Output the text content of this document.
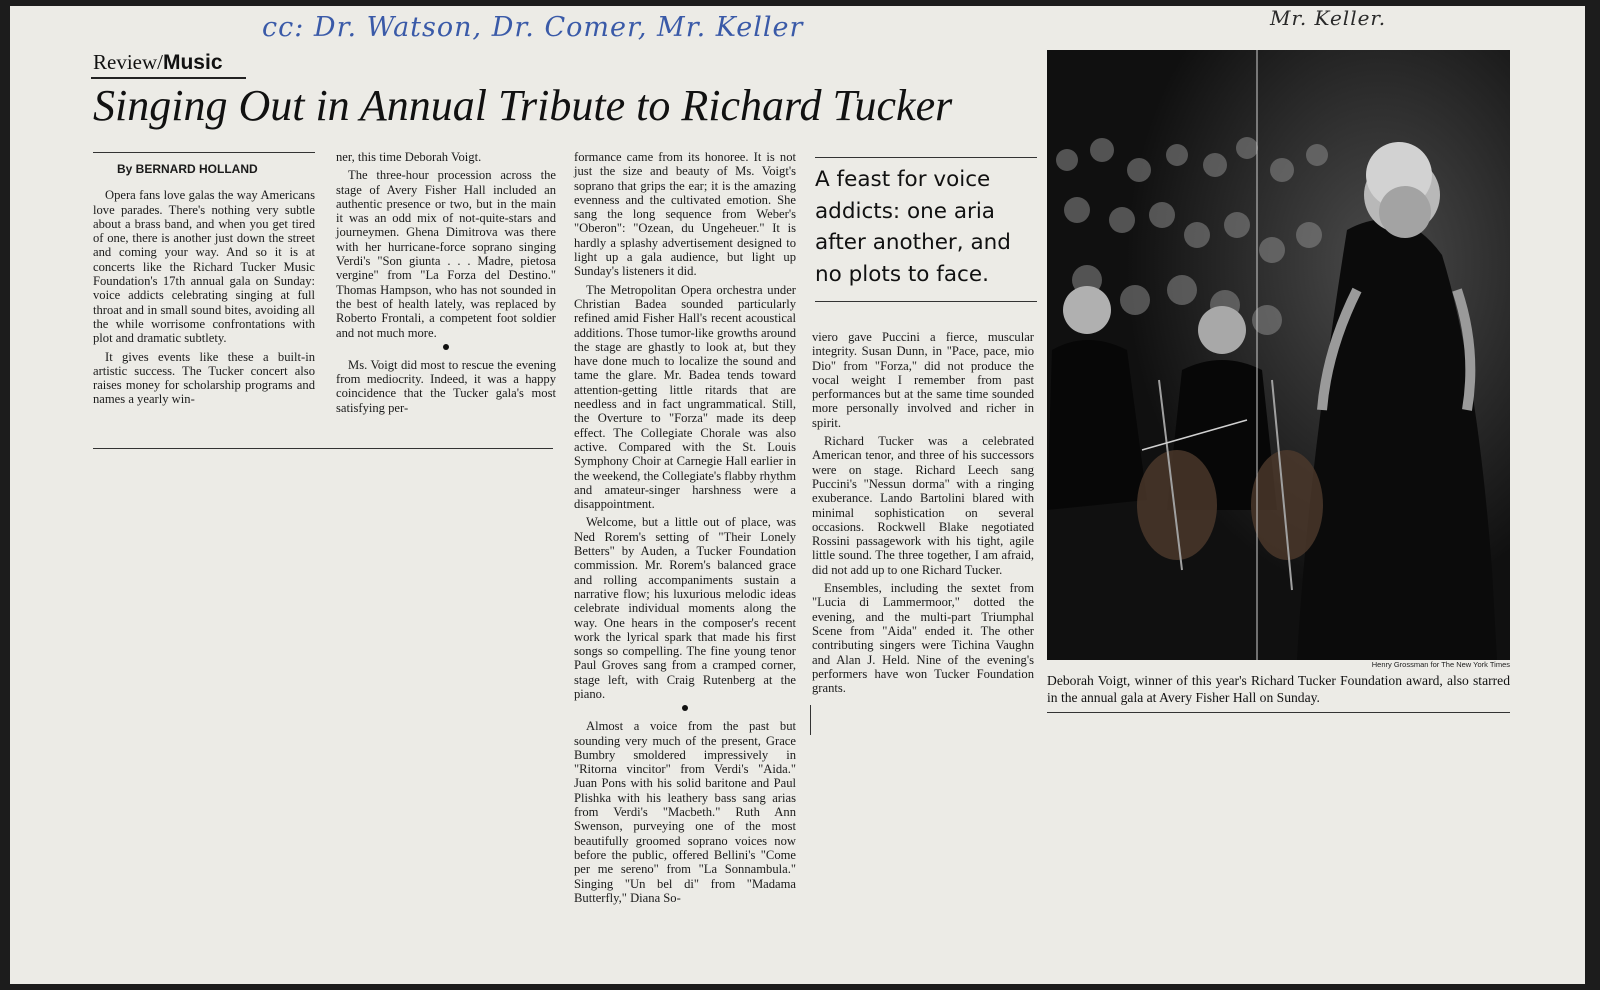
cc: Dr. Watson, Dr. Comer, Mr. Keller	Mr. Keller.
Review/Music
Singing Out in Annual Tribute to Richard Tucker

By BERNARD HOLLAND

Opera fans love galas the way Americans love parades. There's nothing very subtle about a brass band, and when you get tired of one, there is another just down the street and coming your way. And so it is at concerts like the Richard Tucker Music Foundation's 17th annual gala on Sunday: voice addicts celebrating singing at full throat and in small sound bites, avoiding all the while worrisome confrontations with plot and dramatic subtlety.

It gives events like these a built-in artistic success. The Tucker concert also raises money for scholarship programs and names a yearly win-

ner, this time Deborah Voigt.

The three-hour procession across the stage of Avery Fisher Hall included an authentic presence or two, but in the main it was an odd mix of not-quite-stars and journeymen. Ghena Dimitrova was there with her hurricane-force soprano singing Verdi's "Son giunta . . . Madre, pietosa vergine" from "La Forza del Destino." Thomas Hampson, who has not sounded in the best of health lately, was replaced by Roberto Frontali, a competent foot soldier and not much more.

Ms. Voigt did most to rescue the evening from mediocrity. Indeed, it was a happy coincidence that the Tucker gala's most satisfying per-

formance came from its honoree. It is not just the size and beauty of Ms. Voigt's soprano that grips the ear; it is the amazing evenness and the cultivated emotion. She sang the long sequence from Weber's "Oberon": "Ozean, du Ungeheuer." It is hardly a splashy advertisement designed to light up a gala audience, but light up Sunday's listeners it did.

The Metropolitan Opera orchestra under Christian Badea sounded particularly refined amid Fisher Hall's recent acoustical additions. Those tumor-like growths around the stage are ghastly to look at, but they have done much to localize the sound and tame the glare. Mr. Badea tends toward attention-getting little ritards that are needless and in fact ungrammatical. Still, the Overture to "Forza" made its deep effect. The Collegiate Chorale was also active. Compared with the St. Louis Symphony Choir at Carnegie Hall earlier in the weekend, the Collegiate's flabby rhythm and amateur-singer harshness were a disappointment.

Welcome, but a little out of place, was Ned Rorem's setting of "Their Lonely Betters" by Auden, a Tucker Foundation commission. Mr. Rorem's balanced grace and rolling accompaniments sustain a narrative flow; his luxurious melodic ideas celebrate individual moments along the way. One hears in the composer's recent work the lyrical spark that made his first songs so compelling. The fine young tenor Paul Groves sang from a cramped corner, stage left, with Craig Rutenberg at the piano.

Almost a voice from the past but sounding very much of the present, Grace Bumbry smoldered impressively in "Ritorna vincitor" from Verdi's "Aida." Juan Pons with his solid baritone and Paul Plishka with his leathery bass sang arias from Verdi's "Macbeth." Ruth Ann Swenson, purveying one of the most beautifully groomed soprano voices now before the public, offered Bellini's "Come per me sereno" from "La Sonnambula." Singing "Un bel di" from "Madama Butterfly," Diana So-

A feast for voice addicts: one aria after another, and no plots to face.

viero gave Puccini a fierce, muscular integrity. Susan Dunn, in "Pace, pace, mio Dio" from "Forza," did not produce the vocal weight I remember from past performances but at the same time sounded more personally involved and richer in spirit.

Richard Tucker was a celebrated American tenor, and three of his successors were on stage. Richard Leech sang Puccini's "Nessun dorma" with a ringing exuberance. Lando Bartolini blared with minimal sophistication on several occasions. Rockwell Blake negotiated Rossini passagework with his tight, agile little sound. The three together, I am afraid, did not add up to one Richard Tucker.

Ensembles, including the sextet from "Lucia di Lammermoor," dotted the evening, and the multi-part Triumphal Scene from "Aida" ended it. The other contributing singers were Tichina Vaughn and Alan J. Held. Nine of the evening's performers have won Tucker Foundation grants.

Henry Grossman for The New York Times
Deborah Voigt, winner of this year's Richard Tucker Foundation award, also starred in the annual gala at Avery Fisher Hall on Sunday.
